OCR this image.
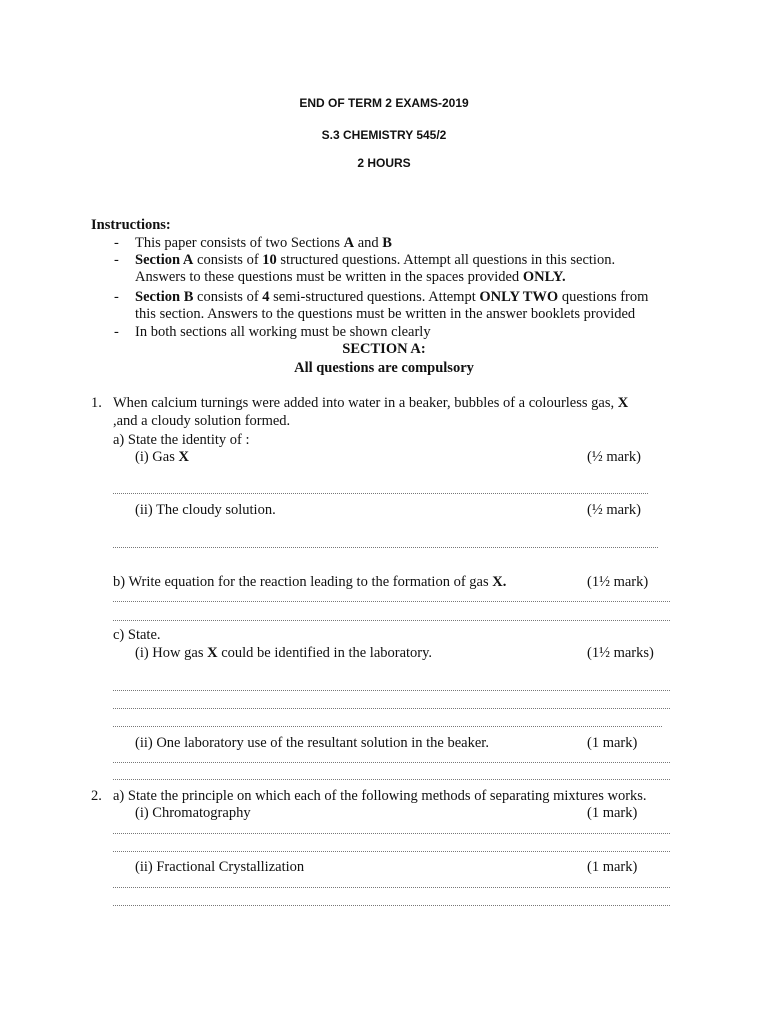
END OF TERM 2 EXAMS-2019
S.3 CHEMISTRY 545/2
2 HOURS
Instructions:
- This paper consists of two Sections A and B
- Section A consists of 10 structured questions. Attempt all questions in this section.
Answers to these questions must be written in the spaces provided ONLY.
- Section B consists of 4 semi-structured questions. Attempt ONLY TWO questions from
this section. Answers to the questions must be written in the answer booklets provided
- In both sections all working must be shown clearly
SECTION A:
All questions are compulsory
1. When calcium turnings were added into water in a beaker, bubbles of a colourless gas, X
,and a cloudy solution formed.
a) State the identity of :
(i) Gas X	(½ mark)
(ii) The cloudy solution.	(½ mark)
b) Write equation for the reaction leading to the formation of gas X.	(1½ mark)
c) State.
(i) How gas X could be identified in the laboratory.	(1½ marks)
(ii) One laboratory use of the resultant solution in the beaker.	(1 mark)
2. a) State the principle on which each of the following methods of separating mixtures works.
(i) Chromatography	(1 mark)
(ii) Fractional Crystallization	(1 mark)
